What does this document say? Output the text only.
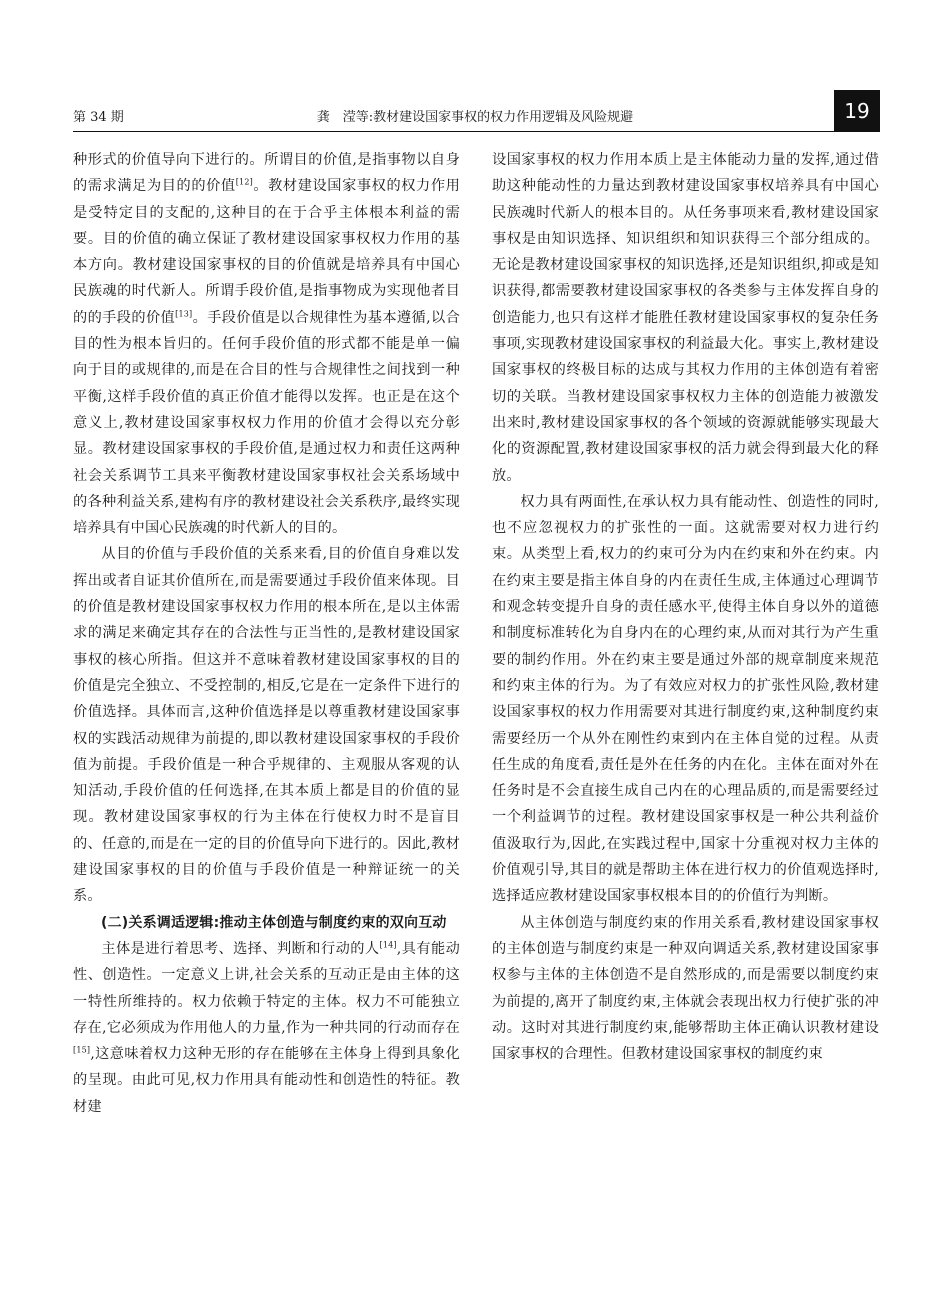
第 34 期	龚　滢等:教材建设国家事权的权力作用逻辑及风险规避	19

种形式的价值导向下进行的。所谓目的价值,是指事物以自身的需求满足为目的的价值[12]。教材建设国家事权的权力作用是受特定目的支配的,这种目的在于合乎主体根本利益的需要。目的价值的确立保证了教材建设国家事权权力作用的基本方向。教材建设国家事权的目的价值就是培养具有中国心民族魂的时代新人。所谓手段价值,是指事物成为实现他者目的的手段的价值[13]。手段价值是以合规律性为基本遵循,以合目的性为根本旨归的。任何手段价值的形式都不能是单一偏向于目的或规律的,而是在合目的性与合规律性之间找到一种平衡,这样手段价值的真正价值才能得以发挥。也正是在这个意义上,教材建设国家事权权力作用的价值才会得以充分彰显。教材建设国家事权的手段价值,是通过权力和责任这两种社会关系调节工具来平衡教材建设国家事权社会关系场域中的各种利益关系,建构有序的教材建设社会关系秩序,最终实现培养具有中国心民族魂的时代新人的目的。

从目的价值与手段价值的关系来看,目的价值自身难以发挥出或者自证其价值所在,而是需要通过手段价值来体现。目的价值是教材建设国家事权权力作用的根本所在,是以主体需求的满足来确定其存在的合法性与正当性的,是教材建设国家事权的核心所指。但这并不意味着教材建设国家事权的目的价值是完全独立、不受控制的,相反,它是在一定条件下进行的价值选择。具体而言,这种价值选择是以尊重教材建设国家事权的实践活动规律为前提的,即以教材建设国家事权的手段价值为前提。手段价值是一种合乎规律的、主观服从客观的认知活动,手段价值的任何选择,在其本质上都是目的价值的显现。教材建设国家事权的行为主体在行使权力时不是盲目的、任意的,而是在一定的目的价值导向下进行的。因此,教材建设国家事权的目的价值与手段价值是一种辩证统一的关系。

(二)关系调适逻辑:推动主体创造与制度约束的双向互动

主体是进行着思考、选择、判断和行动的人[14],具有能动性、创造性。一定意义上讲,社会关系的互动正是由主体的这一特性所维持的。权力依赖于特定的主体。权力不可能独立存在,它必须成为作用他人的力量,作为一种共同的行动而存在[15],这意味着权力这种无形的存在能够在主体身上得到具象化的呈现。由此可见,权力作用具有能动性和创造性的特征。教材建

设国家事权的权力作用本质上是主体能动力量的发挥,通过借助这种能动性的力量达到教材建设国家事权培养具有中国心民族魂时代新人的根本目的。从任务事项来看,教材建设国家事权是由知识选择、知识组织和知识获得三个部分组成的。无论是教材建设国家事权的知识选择,还是知识组织,抑或是知识获得,都需要教材建设国家事权的各类参与主体发挥自身的创造能力,也只有这样才能胜任教材建设国家事权的复杂任务事项,实现教材建设国家事权的利益最大化。事实上,教材建设国家事权的终极目标的达成与其权力作用的主体创造有着密切的关联。当教材建设国家事权权力主体的创造能力被激发出来时,教材建设国家事权的各个领域的资源就能够实现最大化的资源配置,教材建设国家事权的活力就会得到最大化的释放。

权力具有两面性,在承认权力具有能动性、创造性的同时,也不应忽视权力的扩张性的一面。这就需要对权力进行约束。从类型上看,权力的约束可分为内在约束和外在约束。内在约束主要是指主体自身的内在责任生成,主体通过心理调节和观念转变提升自身的责任感水平,使得主体自身以外的道德和制度标准转化为自身内在的心理约束,从而对其行为产生重要的制约作用。外在约束主要是通过外部的规章制度来规范和约束主体的行为。为了有效应对权力的扩张性风险,教材建设国家事权的权力作用需要对其进行制度约束,这种制度约束需要经历一个从外在刚性约束到内在主体自觉的过程。从责任生成的角度看,责任是外在任务的内在化。主体在面对外在任务时是不会直接生成自己内在的心理品质的,而是需要经过一个利益调节的过程。教材建设国家事权是一种公共利益价值汲取行为,因此,在实践过程中,国家十分重视对权力主体的价值观引导,其目的就是帮助主体在进行权力的价值观选择时,选择适应教材建设国家事权根本目的的价值行为判断。

从主体创造与制度约束的作用关系看,教材建设国家事权的主体创造与制度约束是一种双向调适关系,教材建设国家事权参与主体的主体创造不是自然形成的,而是需要以制度约束为前提的,离开了制度约束,主体就会表现出权力行使扩张的冲动。这时对其进行制度约束,能够帮助主体正确认识教材建设国家事权的合理性。但教材建设国家事权的制度约束
